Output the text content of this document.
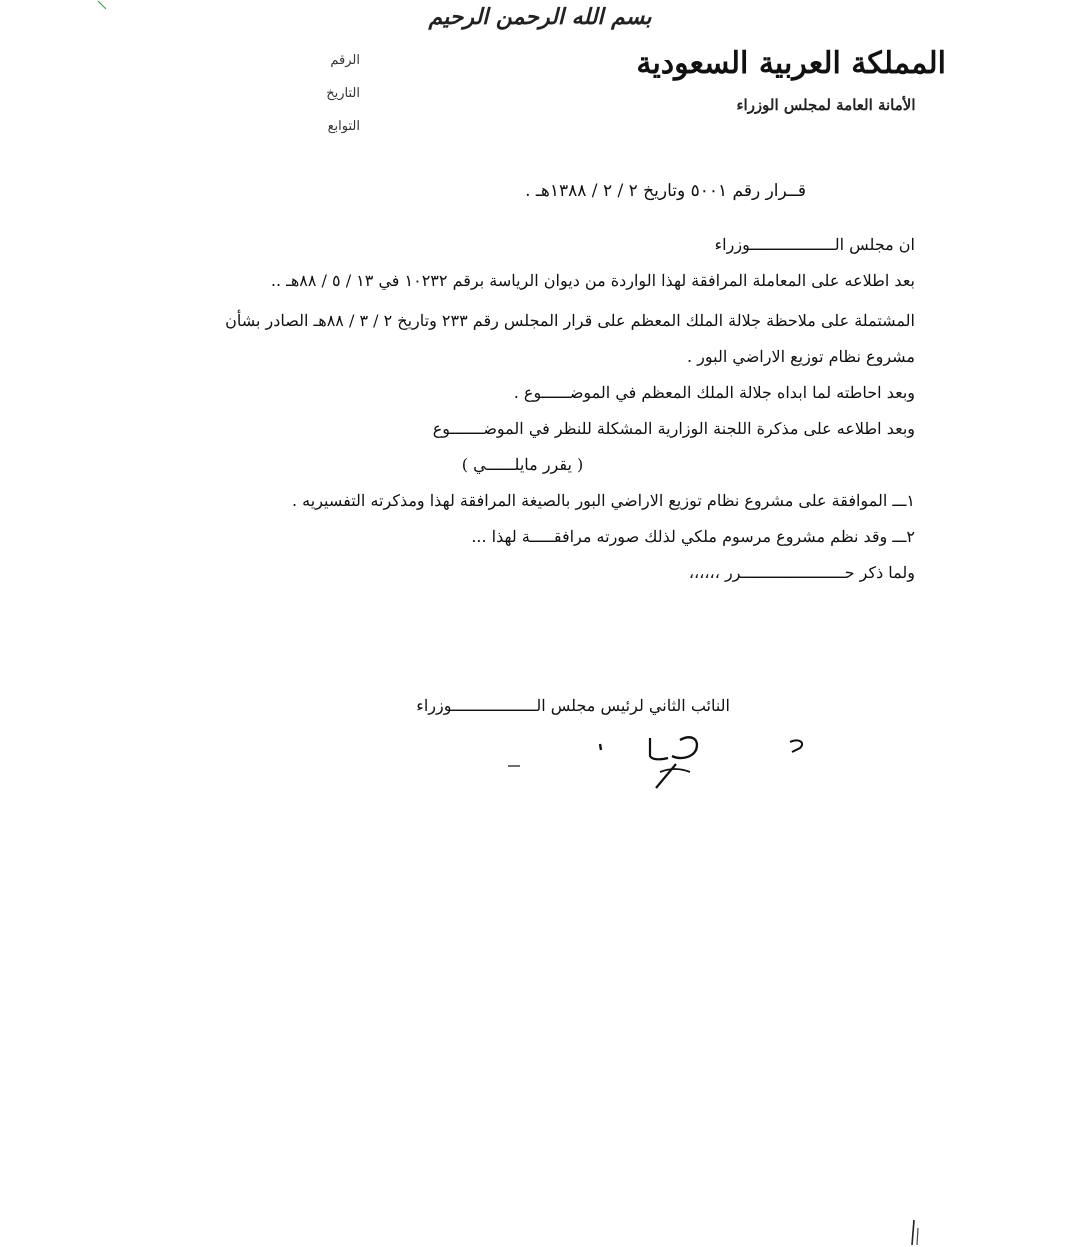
بسم الله الرحمن الرحيم
المملكة العربية السعودية
الأمانة العامة لمجلس الوزراء
الرقم
التاريخ
التوابع
قــرار رقم ٥٠٠١ وتاريخ ٢ / ٢ / ١٣٨٨هـ .
ان مجلس الــــــــــــــــــوزراء
بعد اطلاعه على المعاملة المرافقة لهذا الواردة من ديوان الرياسة برقم ١٠٢٣٢ في ١٣ / ٥ / ٨٨هـ ..
المشتملة على ملاحظة جلالة الملك المعظم على قرار المجلس رقم ٢٣٣ وتاريخ ٢ / ٣ / ٨٨هـ الصادر بشأن
مشروع نظام توزيع الاراضي البور .
وبعد احاطته لما ابداه جلالة الملك المعظم في الموضــــــوع .
وبعد اطلاعه على مذكرة اللجنة الوزارية المشكلة للنظر في الموضـــــــوع
( يقرر مايلــــــي )
١ـــ الموافقة على مشروع نظام توزيع الاراضي البور بالصيغة المرافقة لهذا ومذكرته التفسيريه .
٢ـــ وقد نظم مشروع مرسوم ملكي لذلك صورته مرافقـــــة لهذا ...
ولما ذكر حــــــــــــــــــــــرر ،،،،،،
النائب الثاني لرئيس مجلس الــــــــــــــــــوزراء
